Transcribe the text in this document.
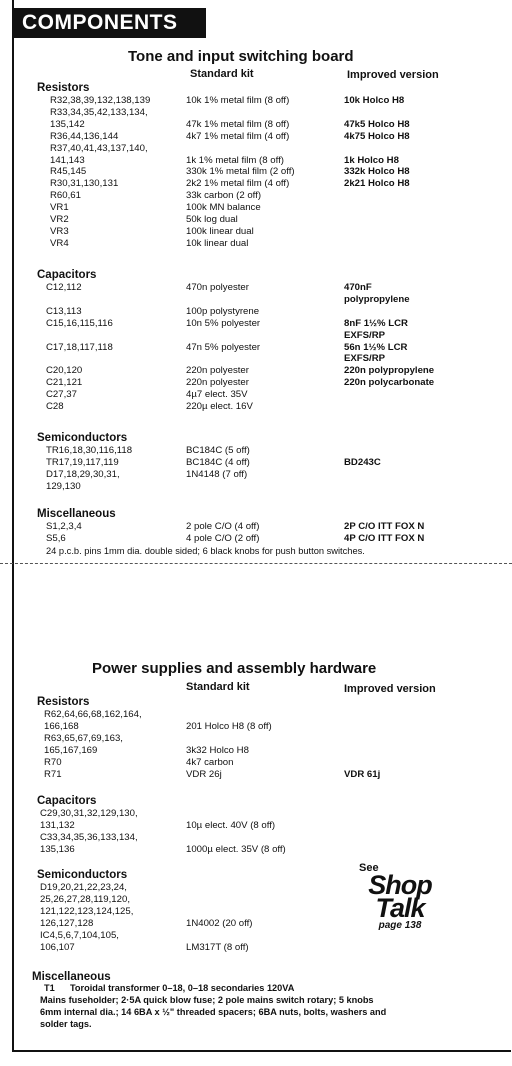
COMPONENTS
Tone and input switching board
Standard kit	Improved version
Resistors
R32,38,39,132,138,139	10k 1% metal film (8 off)	10k Holco H8
R33,34,35,42,133,134,
135,142	47k 1% metal film (8 off)	47k5 Holco H8
R36,44,136,144	4k7 1% metal film (4 off)	4k75 Holco H8
R37,40,41,43,137,140,
141,143	1k 1% metal film (8 off)	1k Holco H8
R45,145	330k 1% metal film (2 off)	332k Holco H8
R30,31,130,131	2k2 1% metal film (4 off)	2k21 Holco H8
R60,61	33k carbon (2 off)
VR1	100k MN balance
VR2	50k log dual
VR3	100k linear dual
VR4	10k linear dual
Capacitors
C12,112	470n polyester	470nF
polypropylene
C13,113	100p polystyrene
C15,16,115,116	10n 5% polyester	8nF 1½% LCR
EXFS/RP
C17,18,117,118	47n 5% polyester	56n 1½% LCR
EXFS/RP
C20,120	220n polyester	220n polypropylene
C21,121	220n polyester	220n polycarbonate
C27,37	4µ7 elect. 35V
C28	220µ elect. 16V
Semiconductors
TR16,18,30,116,118	BC184C (5 off)
TR17,19,117,119	BC184C (4 off)	BD243C
D17,18,29,30,31,	1N4148 (7 off)
129,130
Miscellaneous
S1,2,3,4	2 pole C/O (4 off)	2P C/O ITT FOX N
S5,6	4 pole C/O (2 off)	4P C/O ITT FOX N
24 p.c.b. pins 1mm dia. double sided; 6 black knobs for push button switches.
Power supplies and assembly hardware
Standard kit	Improved version
Resistors
R62,64,66,68,162,164,
166,168	201 Holco H8 (8 off)
R63,65,67,69,163,
165,167,169	3k32 Holco H8
R70	4k7 carbon
R71	VDR 26j	VDR 61j
Capacitors
C29,30,31,32,129,130,
131,132	10µ elect. 40V (8 off)
C33,34,35,36,133,134,
135,136	1000µ elect. 35V (8 off)
Semiconductors
D19,20,21,22,23,24,
25,26,27,28,119,120,
121,122,123,124,125,
126,127,128	1N4002 (20 off)
IC4,5,6,7,104,105,
106,107	LM317T (8 off)
Miscellaneous
T1 Toroidal transformer 0–18, 0–18 secondaries 120VA
Mains fuseholder; 2·5A quick blow fuse; 2 pole mains switch rotary; 5 knobs
6mm internal dia.; 14 6BA x ½" threaded spacers; 6BA nuts, bolts, washers and
solder tags.
See
Shop
Talk
page 138
